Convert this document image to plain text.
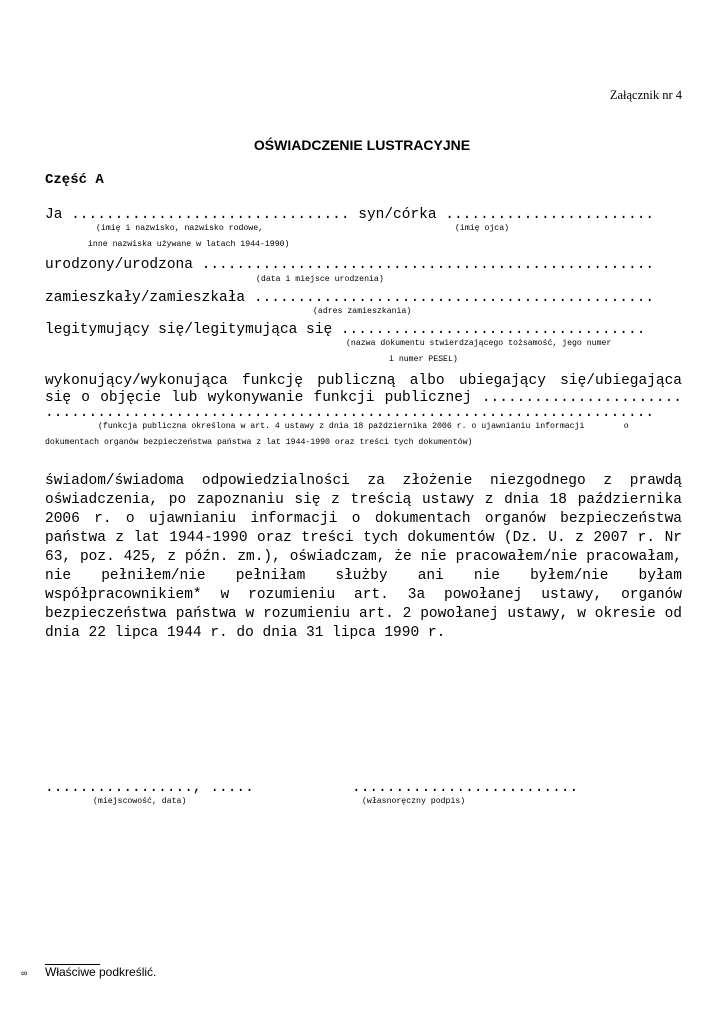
Załącznik nr 4
OŚWIADCZENIE LUSTRACYJNE
Część A
Ja ................................ syn/córka ........................
(imię i nazwisko, nazwisko rodowe,	(imię ojca)
inne nazwiska używane w latach 1944-1990)
urodzony/urodzona ....................................................
(data i miejsce urodzenia)
zamieszkały/zamieszkała ..............................................
(adres zamieszkania)
legitymujący się/legitymująca się ...................................
(nazwa dokumentu stwierdzającego tożsamość, jego numer
i numer PESEL)
wykonujący/wykonująca funkcję publiczną albo ubiegający się/ubiegająca
się o objęcie lub wykonywanie funkcji publicznej .......................
......................................................................
(funkcja publiczna określona w art. 4 ustawy z dnia 18 października 2006 r. o ujawnianiu informacji        o
dokumentach organów bezpieczeństwa państwa z lat 1944-1990 oraz treści tych dokumentów)
świadom/świadoma odpowiedzialności za złożenie niezgodnego z prawdą
oświadczenia, po zapoznaniu się z treścią ustawy z dnia 18 października
2006 r. o ujawnianiu informacji o dokumentach organów bezpieczeństwa
państwa z lat 1944-1990 oraz treści tych dokumentów (Dz. U. z 2007 r. Nr
63, poz. 425, z późn. zm.), oświadczam, że nie pracowałem/nie pracowałam,
nie pełniłem/nie pełniłam służby ani nie byłem/nie byłam
współpracownikiem* w rozumieniu art. 3a powołanej ustawy, organów
bezpieczeństwa państwa w rozumieniu art. 2 powołanej ustawy, w okresie od
dnia 22 lipca 1944 r. do dnia 31 lipca 1990 r.
................., .....	..........................
(miejscowość, data)	(własnoręczny podpis)
∞ Właściwe podkreślić.
